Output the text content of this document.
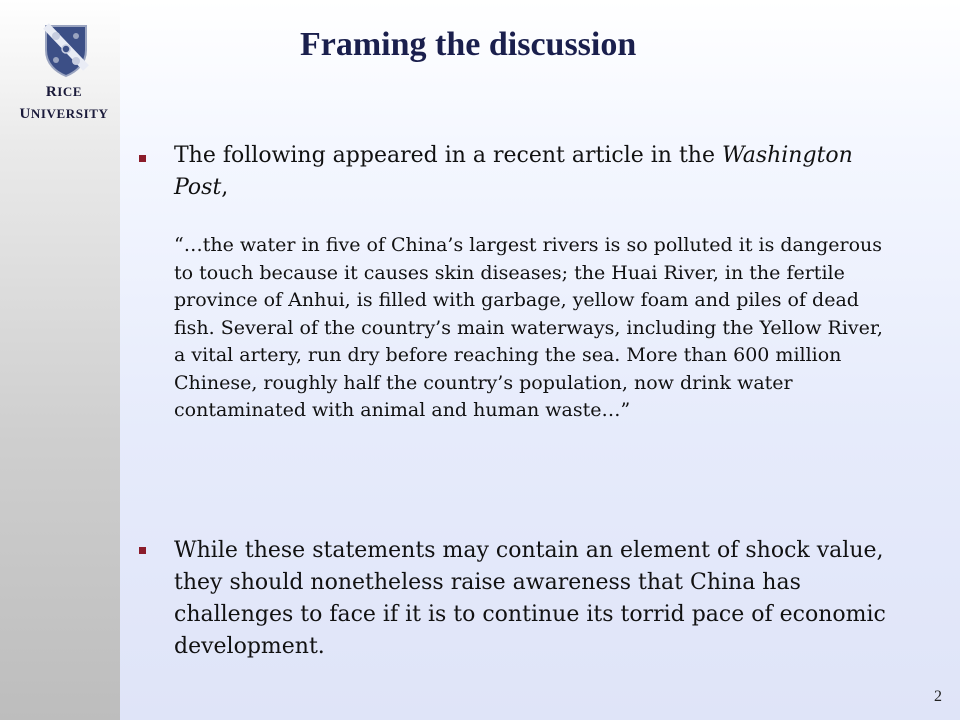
RICE
UNIVERSITY
Framing the discussion
The following appeared in a recent article in the Washington Post,
“…the water in five of China’s largest rivers is so polluted it is dangerous to touch because it causes skin diseases; the Huai River, in the fertile province of Anhui, is filled with garbage, yellow foam and piles of dead fish. Several of the country’s main waterways, including the Yellow River, a vital artery, run dry before reaching the sea. More than 600 million Chinese, roughly half the country’s population, now drink water contaminated with animal and human waste…”
While these statements may contain an element of shock value, they should nonetheless raise awareness that China has challenges to face if it is to continue its torrid pace of economic development.
2
